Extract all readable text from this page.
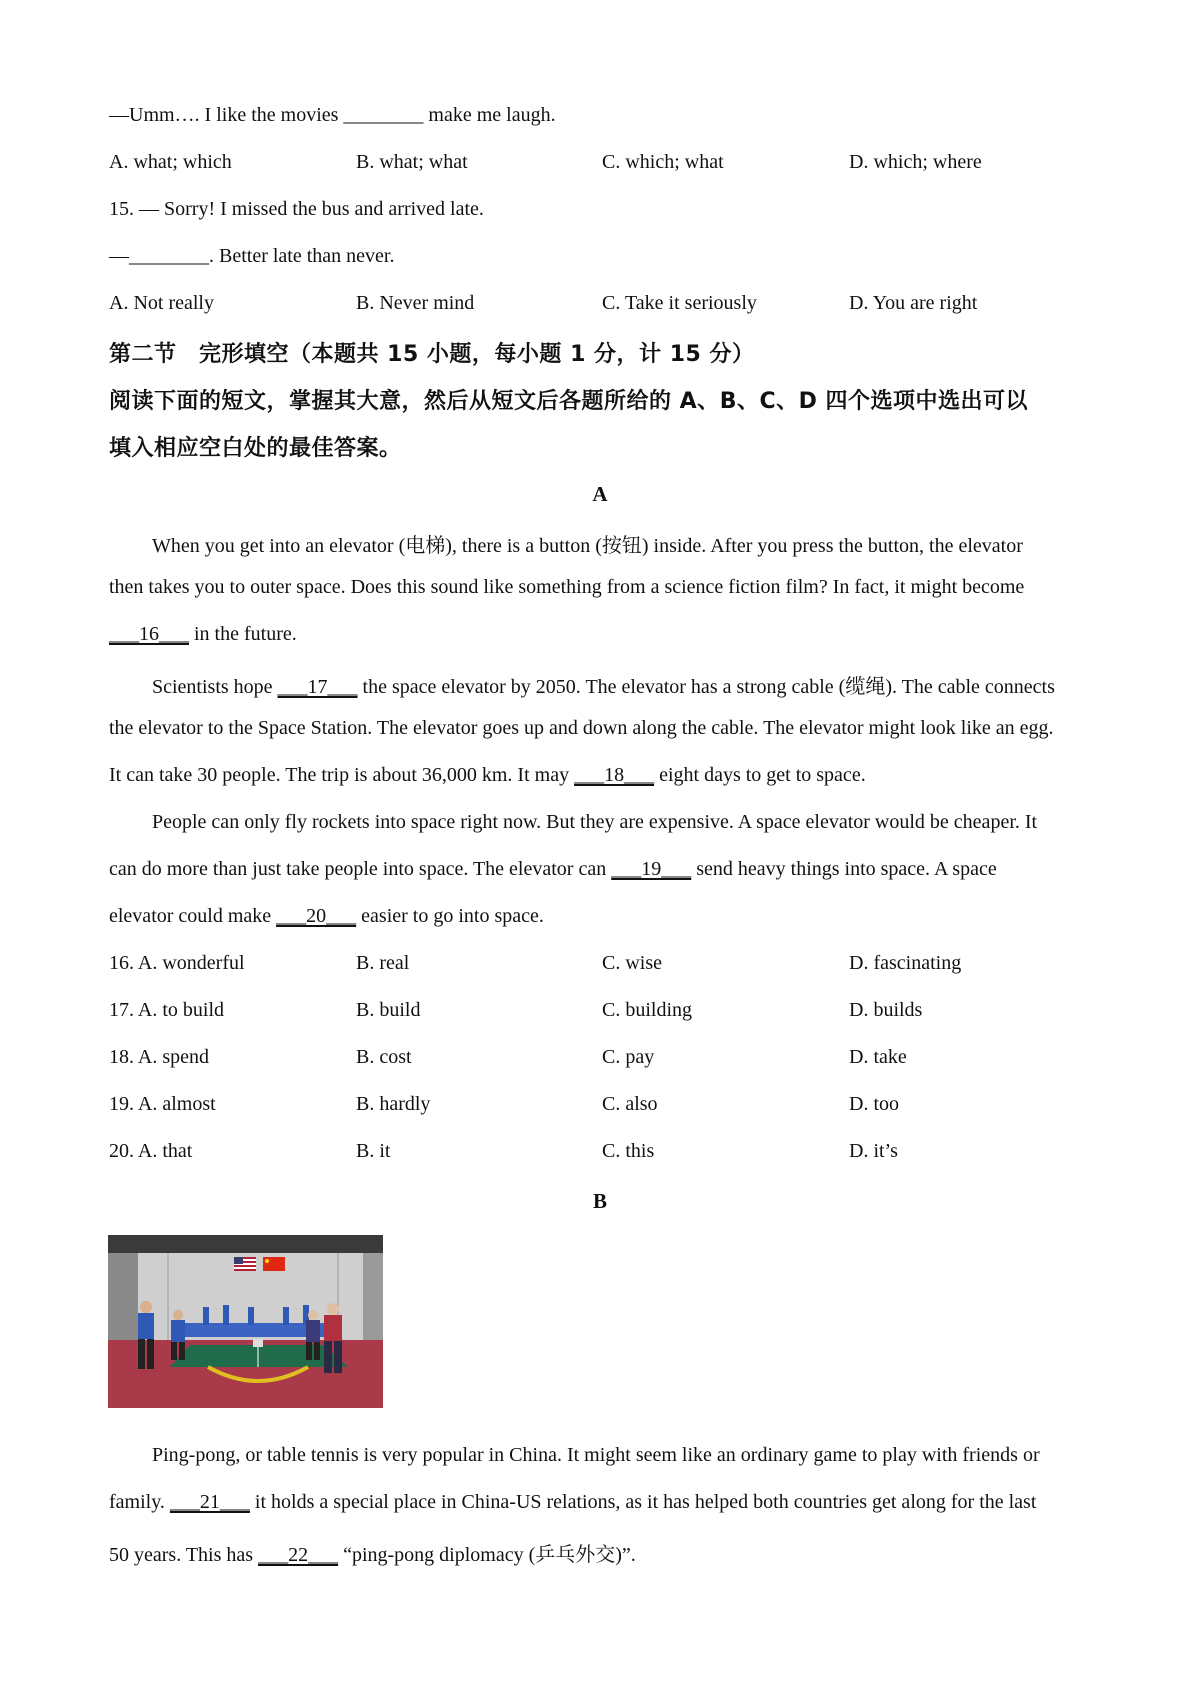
—Umm…. I like the movies ________ make me laugh.
A. what; which	B. what; what	C. which; what	D. which; where
15. — Sorry! I missed the bus and arrived late.
—________. Better late than never.
A. Not really	B. Never mind	C. Take it seriously	D. You are right
第二节　完形填空（本题共 15 小题，每小题 1 分，计 15 分）
阅读下面的短文，掌握其大意，然后从短文后各题所给的 A、B、C、D 四个选项中选出可以
填入相应空白处的最佳答案。
A
When you get into an elevator (电梯), there is a button (按钮) inside. After you press the button, the elevator
then takes you to outer space. Does this sound like something from a science fiction film? In fact, it might become
___16___ in the future.
Scientists hope ___17___ the space elevator by 2050. The elevator has a strong cable (缆绳). The cable connects
the elevator to the Space Station. The elevator goes up and down along the cable. The elevator might look like an egg.
It can take 30 people. The trip is about 36,000 km. It may ___18___ eight days to get to space.
People can only fly rockets into space right now. But they are expensive. A space elevator would be cheaper. It
can do more than just take people into space. The elevator can ___19___ send heavy things into space. A space
elevator could make ___20___ easier to go into space.
16. A. wonderful	B. real	C. wise	D. fascinating
17. A. to build	B. build	C. building	D. builds
18. A. spend	B. cost	C. pay	D. take
19. A. almost	B. hardly	C. also	D. too
20. A. that	B. it	C. this	D. it’s
B
Ping-pong, or table tennis is very popular in China. It might seem like an ordinary game to play with friends or
family. ___21___ it holds a special place in China-US relations, as it has helped both countries get along for the last
50 years. This has ___22___ “ping-pong diplomacy (乒乓外交)”.
